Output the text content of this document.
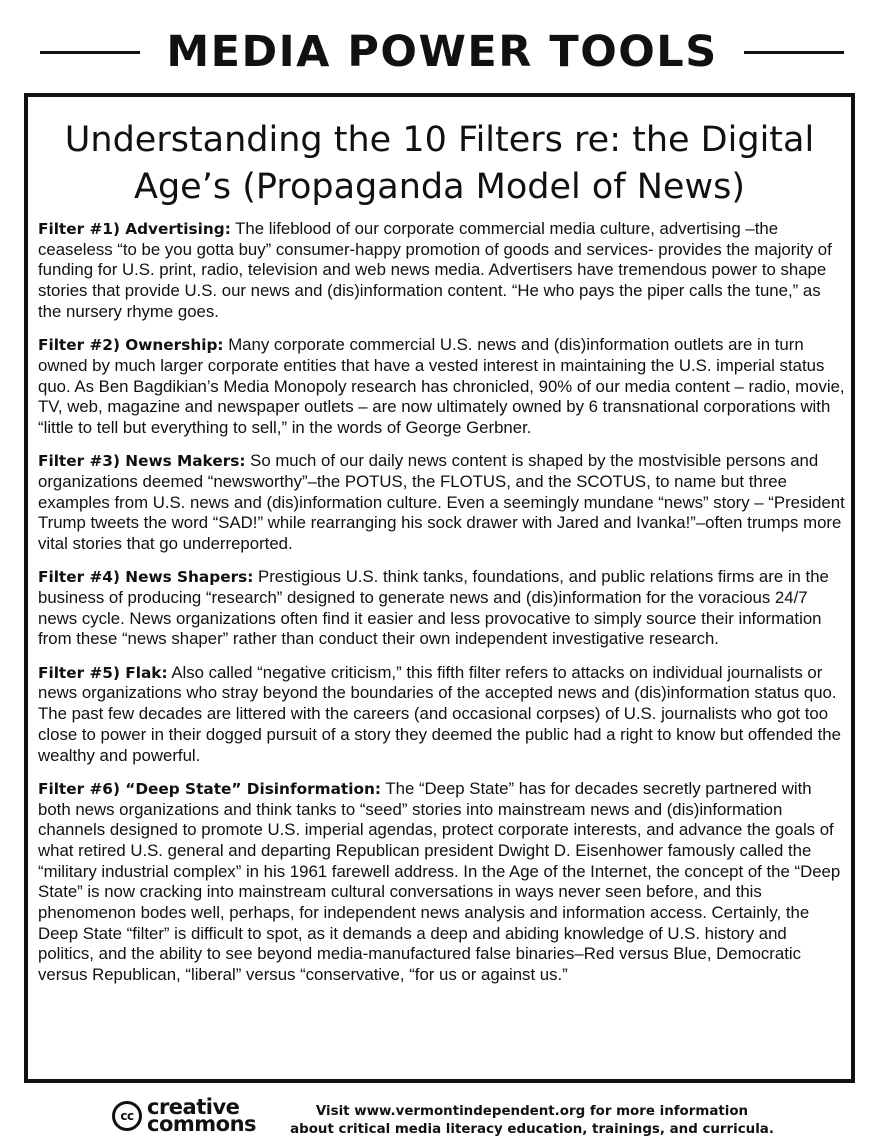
MEDIA POWER TOOLS
Understanding the 10 Filters re: the Digital
Age’s (Propaganda Model of News)

Filter #1) Advertising: The lifeblood of our corporate commercial media culture, advertising –the ceaseless “to be you gotta buy” consumer-happy promotion of goods and services- provides the majority of funding for U.S. print, radio, television and web news media. Advertisers have tremendous power to shape stories that provide U.S. our news and (dis)information content. “He who pays the piper calls the tune,” as the nursery rhyme goes.

Filter #2) Ownership: Many corporate commercial U.S. news and (dis)information outlets are in turn owned by much larger corporate entities that have a vested interest in maintaining the U.S. imperial status quo. As Ben Bagdikian’s Media Monopoly research has chronicled, 90% of our media content – radio, movie, TV, web, magazine and newspaper outlets – are now ultimately owned by 6 transnational corporations with “little to tell but everything to sell,” in the words of George Gerbner.

Filter #3) News Makers: So much of our daily news content is shaped by the mostvisible persons and organizations deemed “newsworthy”–the POTUS, the FLOTUS, and the SCOTUS, to name but three examples from U.S. news and (dis)information culture. Even a seemingly mundane “news” story – “President Trump tweets the word “SAD!” while rearranging his sock drawer with Jared and Ivanka!”–often trumps more vital stories that go underreported.

Filter #4) News Shapers: Prestigious U.S. think tanks, foundations, and public relations firms are in the business of producing “research” designed to generate news and (dis)information for the voracious 24/7 news cycle. News organizations often find it easier and less provocative to simply source their information from these “news shaper” rather than conduct their own independent investigative research.

Filter #5) Flak: Also called “negative criticism,” this fifth filter refers to attacks on individual journalists or news organizations who stray beyond the boundaries of the accepted news and (dis)information status quo. The past few decades are littered with the careers (and occasional corpses) of U.S. journalists who got too close to power in their dogged pursuit of a story they deemed the public had a right to know but offended the wealthy and powerful.

Filter #6) “Deep State” Disinformation: The “Deep State” has for decades secretly partnered with both news organizations and think tanks to “seed” stories into mainstream news and (dis)information channels designed to promote U.S. imperial agendas, protect corporate interests, and advance the goals of what retired U.S. general and departing Republican president Dwight D. Eisenhower famously called the “military industrial complex” in his 1961 farewell address. In the Age of the Internet, the concept of the “Deep State” is now cracking into mainstream cultural conversations in ways never seen before, and this phenomenon bodes well, perhaps, for independent news analysis and information access. Certainly, the Deep State “filter” is difficult to spot, as it demands a deep and abiding knowledge of U.S. history and politics, and the ability to see beyond media-manufactured false binaries–Red versus Blue, Democratic versus Republican, “liberal” versus “conservative, “for us or against us.”

cc creative
commons
Visit www.vermontindependent.org for more information
about critical media literacy education, trainings, and curricula.
